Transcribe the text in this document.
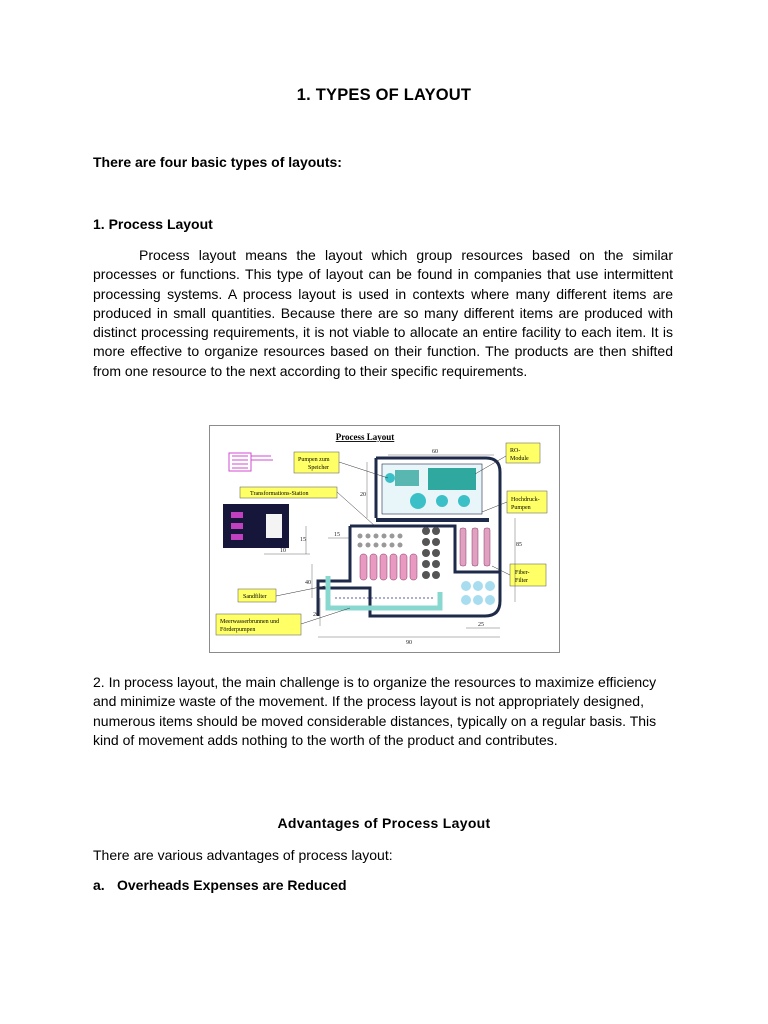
1. TYPES OF LAYOUT
There are four basic types of layouts:
1. Process Layout

Process layout means the layout which group resources based on the similar processes or functions. This type of layout can be found in companies that use intermittent processing systems. A process layout is used in contexts where many different items are produced in small quantities. Because there are so many different items are produced with distinct processing requirements, it is not viable to allocate an entire facility to each item. It is more effective to organize resources based on their function. The products are then shifted from one resource to the next according to their specific requirements.

Process Layout
Pumpen zum
Speicher
Transformations-Station
Sandfilter
Meerwasserbrunnen und
Förderpumpen
RO-
Module
Hochdruck-
Pumpen
Fiber-
Filter
60
20
85
15
10
15
40
20
25
90

2. In process layout, the main challenge is to organize the resources to maximize efficiency and minimize waste of the movement. If the process layout is not appropriately designed, numerous items should be moved considerable distances, typically on a regular basis. This kind of movement adds nothing to the worth of the product and contributes.

Advantages of Process Layout
There are various advantages of process layout:
a. Overheads Expenses are Reduced
